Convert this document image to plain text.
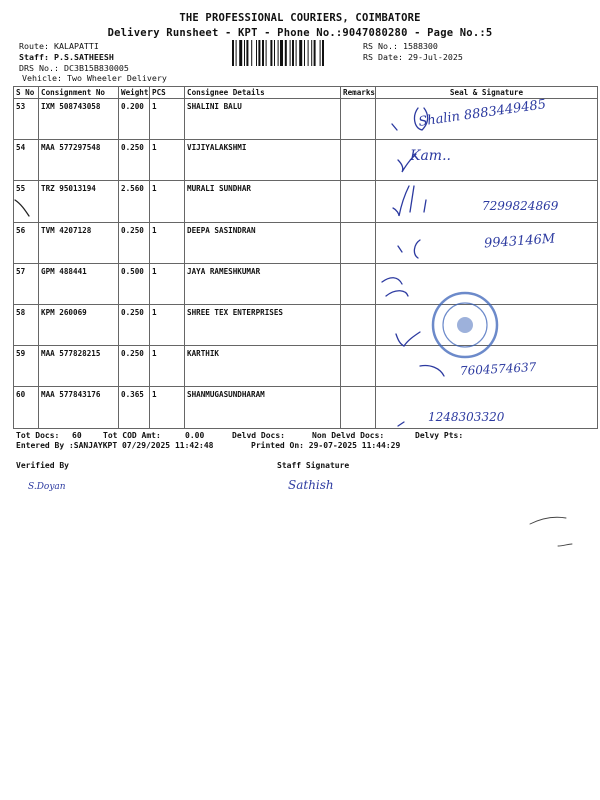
THE PROFESSIONAL COURIERS, COIMBATORE
Delivery Runsheet - KPT - Phone No.:9047080280 - Page No.:5
Route: KALAPATTI
Staff: P.S.SATHEESH
DRS No.: DC3B15B830005
Vehicle: Two Wheeler Delivery
RS No.: 1588300
RS Date: 29-Jul-2025
S No	Consignment No	Weight	PCS	Consignee Details	Remarks	Seal & Signature
53	IXM 508743058	0.200	1	SHALINI BALU		
54	MAA 577297548	0.250	1	VIJIYALAKSHMI		
55	TRZ 95013194	2.560	1	MURALI SUNDHAR		
56	TVM 4207128	0.250	1	DEEPA SASINDRAN		
57	GPM 488441	0.500	1	JAYA RAMESHKUMAR		
58	KPM 260069	0.250	1	SHREE TEX ENTERPRISES		
59	MAA 577828215	0.250	1	KARTHIK		
60	MAA 577843176	0.365	1	SHANMUGASUNDHARAM		
Shalin 8883449485
Kam..
7299824869
9943146M
7604574637
1248303320
Tot Docs: 60	Tot COD Amt:	0.00	Delvd Docs:	Non Delvd Docs:	Delvy Pts:
Entered By :SANJAYKPT 07/29/2025 11:42:48	Printed On: 29-07-2025 11:44:29
Verified By	Staff Signature
S.Doyan	Sathish
